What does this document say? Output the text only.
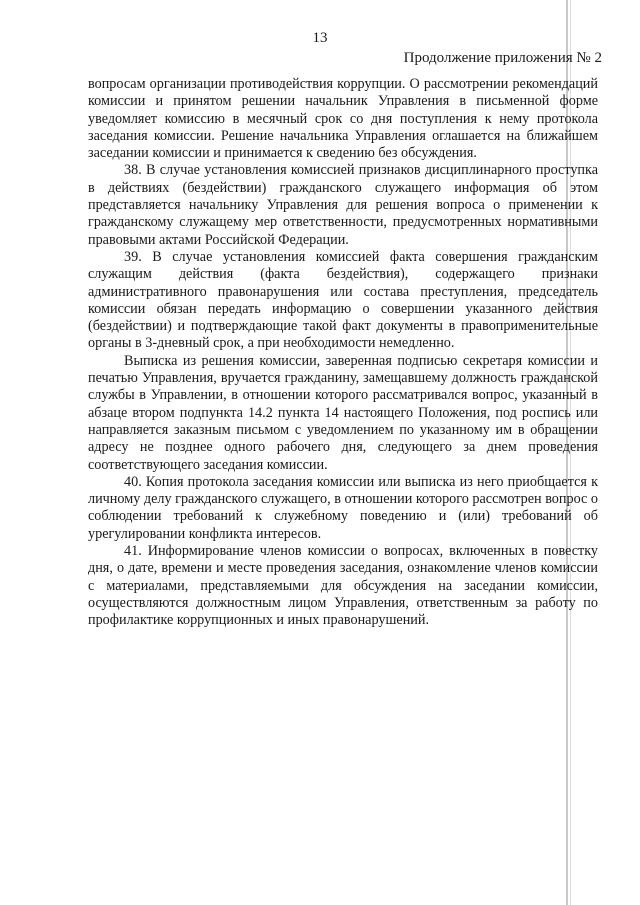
13
Продолжение приложения № 2

вопросам организации противодействия коррупции. О рассмотрении рекомендаций комиссии и принятом решении начальник Управления в письменной форме уведомляет комиссию в месячный срок со дня поступления к нему протокола заседания комиссии. Решение начальника Управления оглашается на ближайшем заседании комиссии и принимается к сведению без обсуждения.

38. В случае установления комиссией признаков дисциплинарного проступка в действиях (бездействии) гражданского служащего информация об этом представляется начальнику Управления для решения вопроса о применении к гражданскому служащему мер ответственности, предусмотренных нормативными правовыми актами Российской Федерации.

39. В случае установления комиссией факта совершения гражданским служащим действия (факта бездействия), содержащего признаки административного правонарушения или состава преступления, председатель комиссии обязан передать информацию о совершении указанного действия (бездействии) и подтверждающие такой факт документы в правоприменительные органы в 3-дневный срок, а при необходимости немедленно.

Выписка из решения комиссии, заверенная подписью секретаря комиссии и печатью Управления, вручается гражданину, замещавшему должность гражданской службы в Управлении, в отношении которого рассматривался вопрос, указанный в абзаце втором подпункта 14.2 пункта 14 настоящего Положения, под роспись или направляется заказным письмом с уведомлением по указанному им в обращении адресу не позднее одного рабочего дня, следующего за днем проведения соответствующего заседания комиссии.

40. Копия протокола заседания комиссии или выписка из него приобщается к личному делу гражданского служащего, в отношении которого рассмотрен вопрос о соблюдении требований к служебному поведению и (или) требований об урегулировании конфликта интересов.

41. Информирование членов комиссии о вопросах, включенных в повестку дня, о дате, времени и месте проведения заседания, ознакомление членов комиссии с материалами, представляемыми для обсуждения на заседании комиссии, осуществляются должностным лицом Управления, ответственным за работу по профилактике коррупционных и иных правонарушений.
